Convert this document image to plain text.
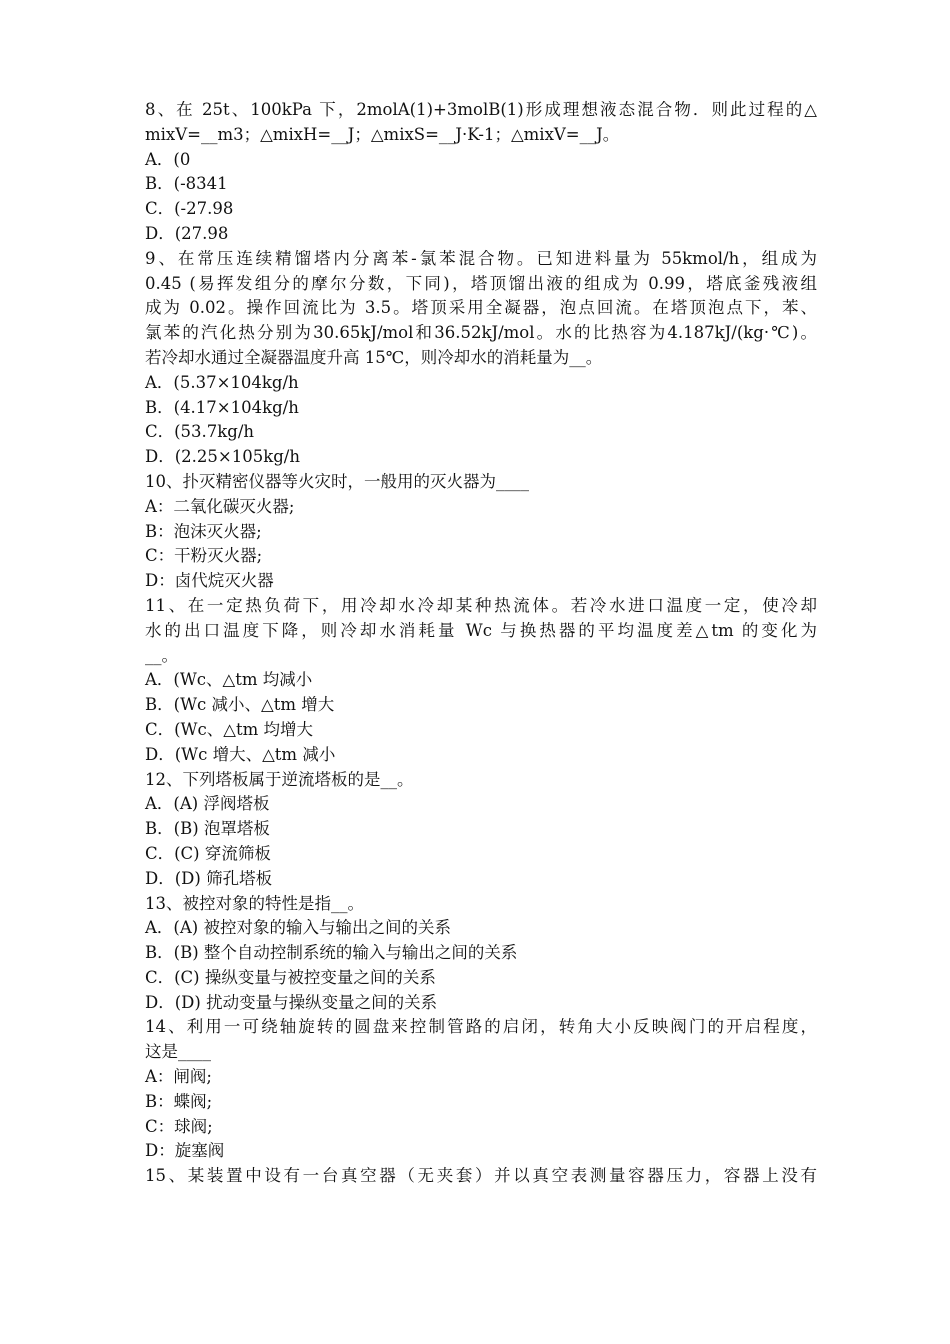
8、在 25t、100kPa 下，2molA(1)+3molB(1)形成理想液态混合物．则此过程的△
mixV=__m3；△mixH=__J；△mixS=__J·K-1；△mixV=__J。
A．(0
B．(-8341
C．(-27.98
D．(27.98
9、在常压连续精馏塔内分离苯-氯苯混合物。已知进料量为 55kmol/h，组成为
0.45 (易挥发组分的摩尔分数，下同)，塔顶馏出液的组成为 0.99，塔底釜残液组
成为 0.02。操作回流比为 3.5。塔顶采用全凝器，泡点回流。在塔顶泡点下，苯、
氯苯的汽化热分别为30.65kJ/mol和36.52kJ/mol。水的比热容为4.187kJ/(kg·℃)。
若冷却水通过全凝器温度升高 15℃，则冷却水的消耗量为__。
A．(5.37×104kg/h
B．(4.17×104kg/h
C．(53.7kg/h
D．(2.25×105kg/h
10、扑灭精密仪器等火灾时，一般用的灭火器为____
A：二氧化碳灭火器;
B：泡沫灭火器;
C：干粉灭火器;
D：卤代烷灭火器
11、在一定热负荷下，用冷却水冷却某种热流体。若冷水进口温度一定，使冷却
水的出口温度下降，则冷却水消耗量 Wc 与换热器的平均温度差△tm 的变化为
__。
A．(Wc、△tm 均减小
B．(Wc 减小、△tm 增大
C．(Wc、△tm 均增大
D．(Wc 增大、△tm 减小
12、下列塔板属于逆流塔板的是__。
A．(A) 浮阀塔板
B．(B) 泡罩塔板
C．(C) 穿流筛板
D．(D) 筛孔塔板
13、被控对象的特性是指__。
A．(A) 被控对象的输入与输出之间的关系
B．(B) 整个自动控制系统的输入与输出之间的关系
C．(C) 操纵变量与被控变量之间的关系
D．(D) 扰动变量与操纵变量之间的关系
14、利用一可绕轴旋转的圆盘来控制管路的启闭，转角大小反映阀门的开启程度，
这是____
A：闸阀;
B：蝶阀;
C：球阀;
D：旋塞阀
15、某装置中设有一台真空器（无夹套）并以真空表测量容器压力，容器上没有
